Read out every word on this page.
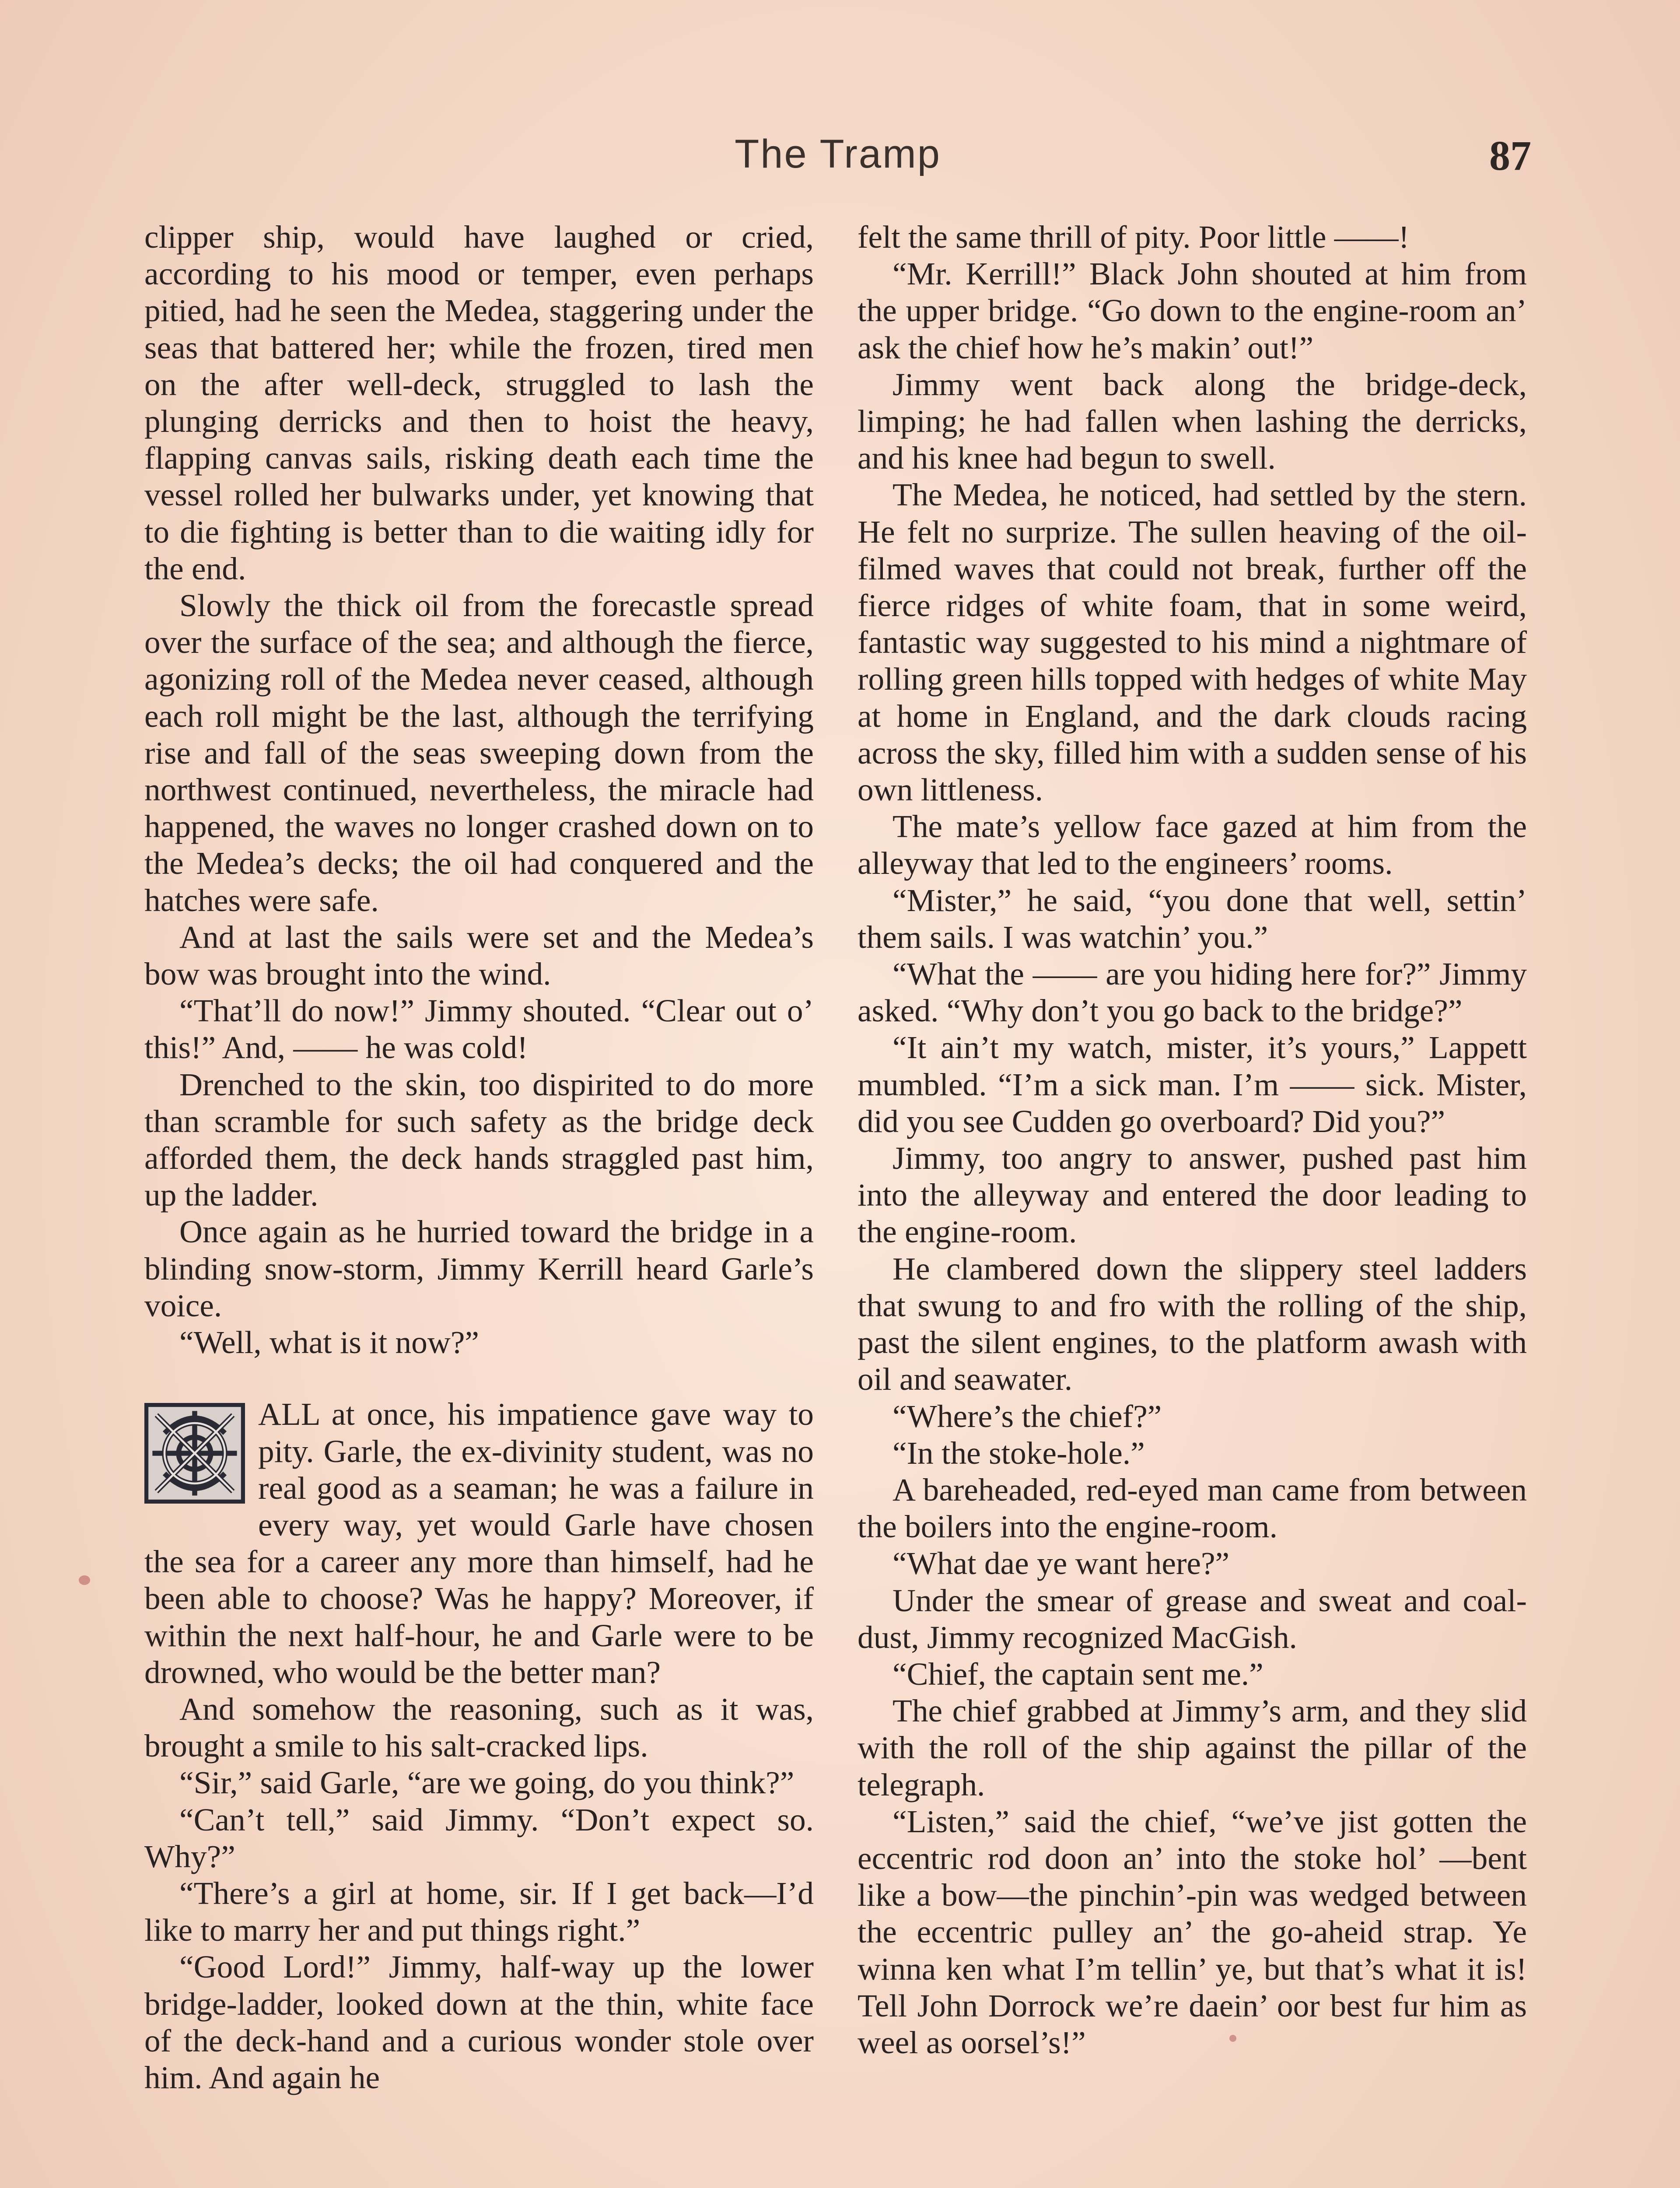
The Tramp	87

clipper ship, would have laughed or cried, according to his mood or temper, even perhaps pitied, had he seen the Medea, staggering under the seas that battered her; while the frozen, tired men on the after well-deck, struggled to lash the plunging derricks and then to hoist the heavy, flapping canvas sails, risking death each time the vessel rolled her bulwarks under, yet knowing that to die fighting is better than to die waiting idly for the end.

Slowly the thick oil from the forecastle spread over the surface of the sea; and although the fierce, agonizing roll of the Medea never ceased, although each roll might be the last, although the terrifying rise and fall of the seas sweeping down from the northwest continued, nevertheless, the miracle had happened, the waves no longer crashed down on to the Medea’s decks; the oil had conquered and the hatches were safe.

And at last the sails were set and the Medea’s bow was brought into the wind.

“That’ll do now!” Jimmy shouted. “Clear out o’ this!” And, —— he was cold!

Drenched to the skin, too dispirited to do more than scramble for such safety as the bridge deck afforded them, the deck hands straggled past him, up the ladder.

Once again as he hurried toward the bridge in a blinding snow-storm, Jimmy Kerrill heard Garle’s voice.

“Well, what is it now?”

ALL at once, his impatience gave way to pity. Garle, the ex-divinity student, was no real good as a seaman; he was a failure in every way, yet would Garle have chosen the sea for a career any more than himself, had he been able to choose? Was he happy? Moreover, if within the next half-hour, he and Garle were to be drowned, who would be the better man?

And somehow the reasoning, such as it was, brought a smile to his salt-cracked lips.

“Sir,” said Garle, “are we going, do you think?”

“Can’t tell,” said Jimmy. “Don’t expect so. Why?”

“There’s a girl at home, sir. If I get back—I’d like to marry her and put things right.”

“Good Lord!” Jimmy, half-way up the lower bridge-ladder, looked down at the thin, white face of the deck-hand and a curious wonder stole over him. And again he

felt the same thrill of pity. Poor little ——!

“Mr. Kerrill!” Black John shouted at him from the upper bridge. “Go down to the engine-room an’ ask the chief how he’s makin’ out!”

Jimmy went back along the bridge-deck, limping; he had fallen when lashing the derricks, and his knee had begun to swell.

The Medea, he noticed, had settled by the stern. He felt no surprize. The sullen heaving of the oil-filmed waves that could not break, further off the fierce ridges of white foam, that in some weird, fantastic way suggested to his mind a nightmare of rolling green hills topped with hedges of white May at home in England, and the dark clouds racing across the sky, filled him with a sudden sense of his own littleness.

The mate’s yellow face gazed at him from the alleyway that led to the engineers’ rooms.

“Mister,” he said, “you done that well, settin’ them sails. I was watchin’ you.”

“What the —— are you hiding here for?” Jimmy asked. “Why don’t you go back to the bridge?”

“It ain’t my watch, mister, it’s yours,” Lappett mumbled. “I’m a sick man. I’m —— sick. Mister, did you see Cudden go overboard? Did you?”

Jimmy, too angry to answer, pushed past him into the alleyway and entered the door leading to the engine-room.

He clambered down the slippery steel ladders that swung to and fro with the rolling of the ship, past the silent engines, to the platform awash with oil and seawater.

“Where’s the chief?”

“In the stoke-hole.”

A bareheaded, red-eyed man came from between the boilers into the engine-room.

“What dae ye want here?”

Under the smear of grease and sweat and coal-dust, Jimmy recognized MacGish.

“Chief, the captain sent me.”

The chief grabbed at Jimmy’s arm, and they slid with the roll of the ship against the pillar of the telegraph.

“Listen,” said the chief, “we’ve jist gotten the eccentric rod doon an’ into the stoke hol’ —bent like a bow—the pinchin’-pin was wedged between the eccentric pulley an’ the go-aheid strap. Ye winna ken what I’m tellin’ ye, but that’s what it is! Tell John Dorrock we’re daein’ oor best fur him as weel as oorsel’s!”
